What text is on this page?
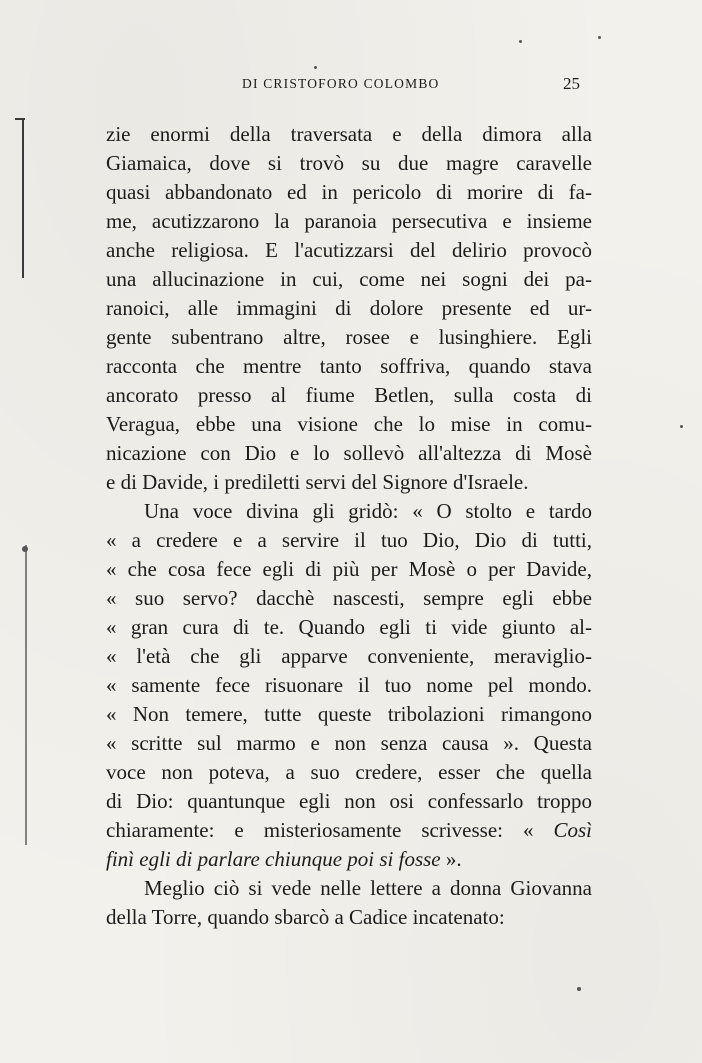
DI CRISTOFORO COLOMBO	25
zie enormi della traversata e della dimora alla
Giamaica, dove si trovò su due magre caravelle
quasi abbandonato ed in pericolo di morire di fa-
me, acutizzarono la paranoia persecutiva e insieme
anche religiosa. E l'acutizzarsi del delirio provocò
una allucinazione in cui, come nei sogni dei pa-
ranoici, alle immagini di dolore presente ed ur-
gente subentrano altre, rosee e lusinghiere. Egli
racconta che mentre tanto soffriva, quando stava
ancorato presso al fiume Betlen, sulla costa di
Veragua, ebbe una visione che lo mise in comu-
nicazione con Dio e lo sollevò all'altezza di Mosè
e di Davide, i prediletti servi del Signore d'Israele.
Una voce divina gli gridò: « O stolto e tardo
« a credere e a servire il tuo Dio, Dio di tutti,
« che cosa fece egli di più per Mosè o per Davide,
« suo servo? dacchè nascesti, sempre egli ebbe
« gran cura di te. Quando egli ti vide giunto al-
« l'età che gli apparve conveniente, meraviglio-
« samente fece risuonare il tuo nome pel mondo.
« Non temere, tutte queste tribolazioni rimangono
« scritte sul marmo e non senza causa ». Questa
voce non poteva, a suo credere, esser che quella
di Dio: quantunque egli non osi confessarlo troppo
chiaramente: e misteriosamente scrivesse: « Così
finì egli di parlare chiunque poi si fosse ».
Meglio ciò si vede nelle lettere a donna Giovanna
della Torre, quando sbarcò a Cadice incatenato:
